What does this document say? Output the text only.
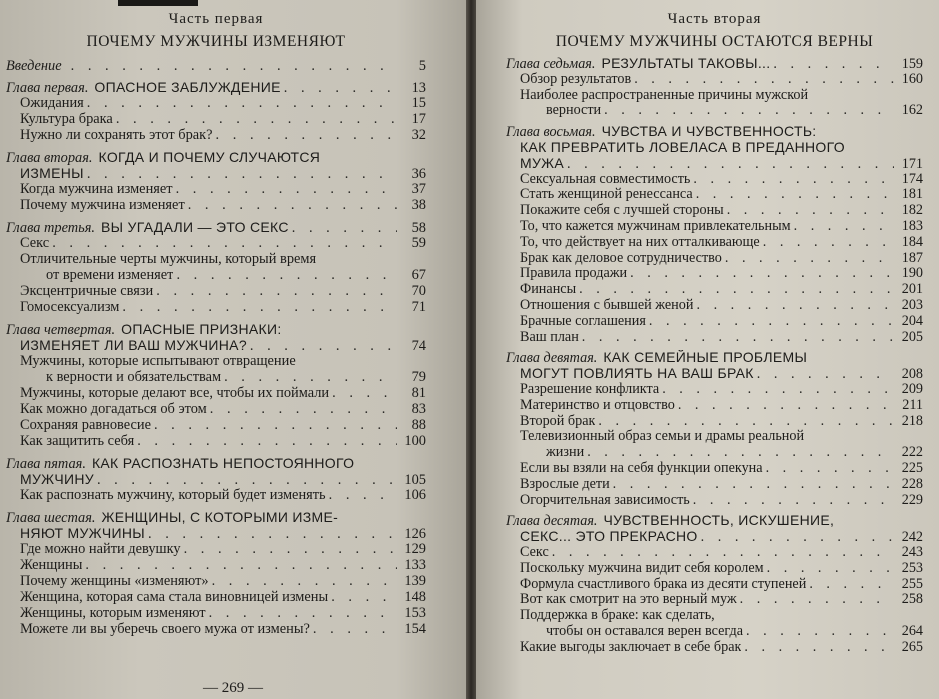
Часть первая
ПОЧЕМУ МУЖЧИНЫ ИЗМЕНЯЮТ
Введение . . .	5
Глава первая. ОПАСНОЕ ЗАБЛУЖДЕНИЕ . . .	13
Ожидания . . .	15
Культура брака . . .	17
Нужно ли сохранять этот брак? . . .	32
Глава вторая. КОГДА И ПОЧЕМУ СЛУЧАЮТСЯ
ИЗМЕНЫ . . .	36
Когда мужчина изменяет . . .	37
Почему мужчина изменяет . . .	38
Глава третья. ВЫ УГАДАЛИ — ЭТО СЕКС . . .	58
Секс . . .	59
Отличительные черты мужчины, который время
от времени изменяет . . .	67
Эксцентричные связи . . .	70
Гомосексуализм . . .	71
Глава четвертая. ОПАСНЫЕ ПРИЗНАКИ:
ИЗМЕНЯЕТ ЛИ ВАШ МУЖЧИНА? . . .	74
Мужчины, которые испытывают отвращение
к верности и обязательствам . . .	79
Мужчины, которые делают все, чтобы их поймали . . .	81
Как можно догадаться об этом . . .	83
Сохраняя равновесие . . .	88
Как защитить себя . . .	100
Глава пятая. КАК РАСПОЗНАТЬ НЕПОСТОЯННОГО
МУЖЧИНУ . . .	105
Как распознать мужчину, который будет изменять . . .	106
Глава шестая. ЖЕНЩИНЫ, С КОТОРЫМИ ИЗМЕ-
НЯЮТ МУЖЧИНЫ . . .	126
Где можно найти девушку . . .	129
Женщины . . .	133
Почему женщины «изменяют» . . .	139
Женщина, которая сама стала виновницей измены . . .	148
Женщины, которым изменяют . . .	153
Можете ли вы уберечь своего мужа от измены? . . .	154
— 269 —
Часть вторая
ПОЧЕМУ МУЖЧИНЫ ОСТАЮТСЯ ВЕРНЫ
Глава седьмая. РЕЗУЛЬТАТЫ ТАКОВЫ... . . .	159
Обзор результатов . . .	160
Наиболее распространенные причины мужской
верности . . .	162
Глава восьмая. ЧУВСТВА И ЧУВСТВЕННОСТЬ:
КАК ПРЕВРАТИТЬ ЛОВЕЛАСА В ПРЕДАННОГО
МУЖА . . .	171
Сексуальная совместимость . . .	174
Стать женщиной ренессанса . . .	181
Покажите себя с лучшей стороны . . .	182
То, что кажется мужчинам привлекательным . . .	183
То, что действует на них отталкивающе . . .	184
Брак как деловое сотрудничество . . .	187
Правила продажи . . .	190
Финансы . . .	201
Отношения с бывшей женой . . .	203
Брачные соглашения . . .	204
Ваш план . . .	205
Глава девятая. КАК СЕМЕЙНЫЕ ПРОБЛЕМЫ
МОГУТ ПОВЛИЯТЬ НА ВАШ БРАК . . .	208
Разрешение конфликта . . .	209
Материнство и отцовство . . .	211
Второй брак . . .	218
Телевизионный образ семьи и драмы реальной
жизни . . .	222
Если вы взяли на себя функции опекуна . . .	225
Взрослые дети . . .	228
Огорчительная зависимость . . .	229
Глава десятая. ЧУВСТВЕННОСТЬ, ИСКУШЕНИЕ,
СЕКС... ЭТО ПРЕКРАСНО . . .	242
Секс . . .	243
Поскольку мужчина видит себя королем . . .	253
Формула счастливого брака из десяти ступеней . . .	255
Вот как смотрит на это верный муж . . .	258
Поддержка в браке: как сделать,
чтобы он оставался верен всегда . . .	264
Какие выгоды заключает в себе брак . . .	265
